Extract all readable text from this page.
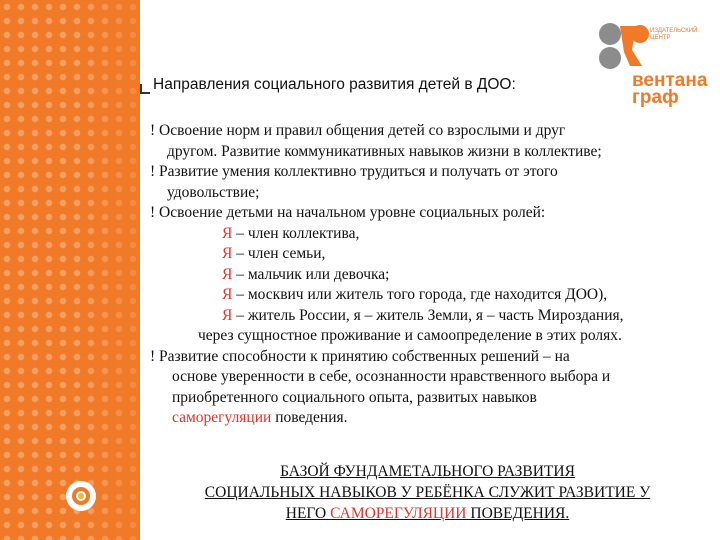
ИЗДАТЕЛЬСКИЙ ЦЕНТР
вентана
граф
Направления социального развития детей в ДОО:
! Освоение норм и правил общения детей со взрослыми и друг
другом. Развитие коммуникативных навыков жизни в коллективе;
! Развитие умения коллективно трудиться и получать от этого
удовольствие;
! Освоение детьми на начальном уровне социальных ролей:
Я – член коллектива,
Я – член семьи,
Я – мальчик или девочка;
Я – москвич или житель того города, где находится ДОО),
Я – житель России, я – житель Земли, я – часть Мироздания,
через сущностное проживание и самоопределение в этих ролях.
! Развитие способности к принятию собственных решений – на
основе уверенности в себе, осознанности нравственного выбора и
приобретенного социального опыта, развитых навыков
саморегуляции поведения.
БАЗОЙ ФУНДАМЕТАЛЬНОГО РАЗВИТИЯ
СОЦИАЛЬНЫХ НАВЫКОВ У РЕБЁНКА СЛУЖИТ РАЗВИТИЕ У
НЕГО САМОРЕГУЛЯЦИИ ПОВЕДЕНИЯ.
